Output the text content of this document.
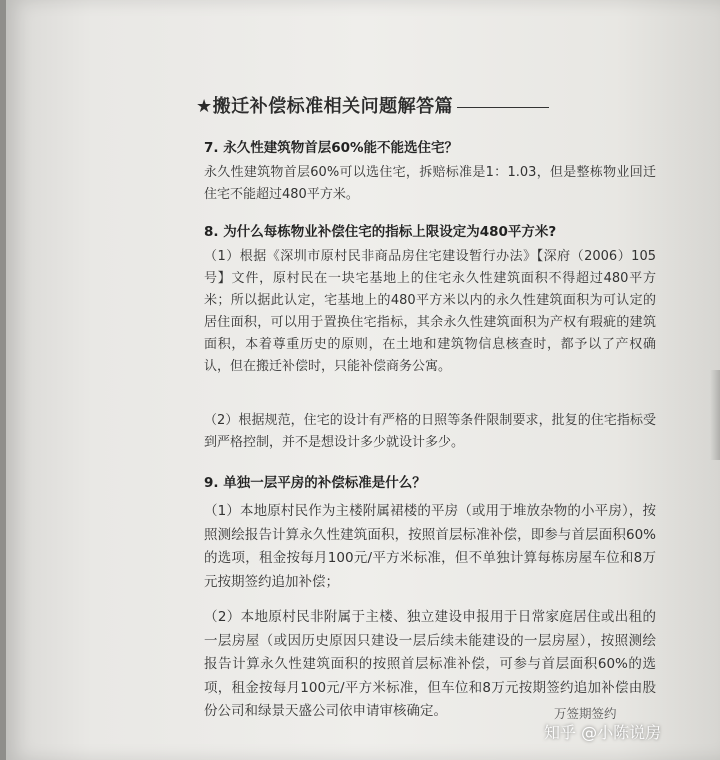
★搬迁补偿标准相关问题解答篇
7. 永久性建筑物首层60%能不能选住宅？
永久性建筑物首层60%可以选住宅，拆赔标准是1：1.03，但是整栋物业回迁住宅不能超过480平方米。
8. 为什么每栋物业补偿住宅的指标上限设定为480平方米?
（1）根据《深圳市原村民非商品房住宅建设暂行办法》【深府（2006）105号】文件，原村民在一块宅基地上的住宅永久性建筑面积不得超过480平方米；所以据此认定，宅基地上的480平方米以内的永久性建筑面积为可认定的居住面积，可以用于置换住宅指标，其余永久性建筑面积为产权有瑕疵的建筑面积，本着尊重历史的原则，在土地和建筑物信息核查时，都予以了产权确认，但在搬迁补偿时，只能补偿商务公寓。
（2）根据规范，住宅的设计有严格的日照等条件限制要求，批复的住宅指标受到严格控制，并不是想设计多少就设计多少。
9. 单独一层平房的补偿标准是什么？
（1）本地原村民作为主楼附属裙楼的平房（或用于堆放杂物的小平房），按照测绘报告计算永久性建筑面积，按照首层标准补偿，即参与首层面积60%的选项，租金按每月100元/平方米标准，但不单独计算每栋房屋车位和8万元按期签约追加补偿；
（2）本地原村民非附属于主楼、独立建设申报用于日常家庭居住或出租的一层房屋（或因历史原因只建设一层后续未能建设的一层房屋），按照测绘报告计算永久性建筑面积的按照首层标准补偿，可参与首层面积60%的选项，租金按每月100元/平方米标准，但车位和8万元按期签约追加补偿由股份公司和绿景天盛公司依申请审核确定。	万签期签约
知乎 @小陈说房
